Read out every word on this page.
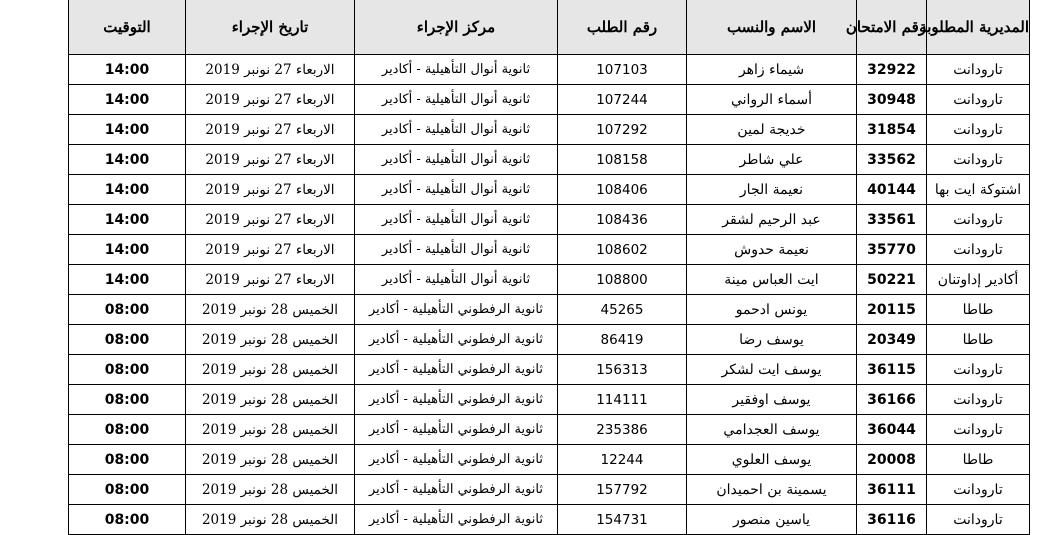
المديرية المطلوبة	رقم الامتحان	الاسم والنسب	رقم الطلب	مركز الإجراء	تاريخ الإجراء	التوقيت
تارودانت	32922	شيماء زاهر	107103	ثانوية أنوال التأهيلية - أكادير	الاربعاء 27 نونبر 2019	14:00
تارودانت	30948	أسماء الرواني	107244	ثانوية أنوال التأهيلية - أكادير	الاربعاء 27 نونبر 2019	14:00
تارودانت	31854	خديجة لمين	107292	ثانوية أنوال التأهيلية - أكادير	الاربعاء 27 نونبر 2019	14:00
تارودانت	33562	علي شاطر	108158	ثانوية أنوال التأهيلية - أكادير	الاربعاء 27 نونبر 2019	14:00
اشتوكة ايت بها	40144	نعيمة الجار	108406	ثانوية أنوال التأهيلية - أكادير	الاربعاء 27 نونبر 2019	14:00
تارودانت	33561	عبد الرحيم لشقر	108436	ثانوية أنوال التأهيلية - أكادير	الاربعاء 27 نونبر 2019	14:00
تارودانت	35770	نعيمة حدوش	108602	ثانوية أنوال التأهيلية - أكادير	الاربعاء 27 نونبر 2019	14:00
أكادير إداوتنان	50221	ايت العباس مينة	108800	ثانوية أنوال التأهيلية - أكادير	الاربعاء 27 نونبر 2019	14:00
طاطا	20115	يونس ادحمو	45265	ثانوية الرفطوني التأهيلية - أكادير	الخميس 28 نونبر 2019	08:00
طاطا	20349	يوسف رضا	86419	ثانوية الرفطوني التأهيلية - أكادير	الخميس 28 نونبر 2019	08:00
تارودانت	36115	يوسف ايت لشكر	156313	ثانوية الرفطوني التأهيلية - أكادير	الخميس 28 نونبر 2019	08:00
تارودانت	36166	يوسف اوفقير	114111	ثانوية الرفطوني التأهيلية - أكادير	الخميس 28 نونبر 2019	08:00
تارودانت	36044	يوسف العجدامي	235386	ثانوية الرفطوني التأهيلية - أكادير	الخميس 28 نونبر 2019	08:00
طاطا	20008	يوسف العلوي	12244	ثانوية الرفطوني التأهيلية - أكادير	الخميس 28 نونبر 2019	08:00
تارودانت	36111	يسمينة بن احميدان	157792	ثانوية الرفطوني التأهيلية - أكادير	الخميس 28 نونبر 2019	08:00
تارودانت	36116	ياسين منصور	154731	ثانوية الرفطوني التأهيلية - أكادير	الخميس 28 نونبر 2019	08:00
